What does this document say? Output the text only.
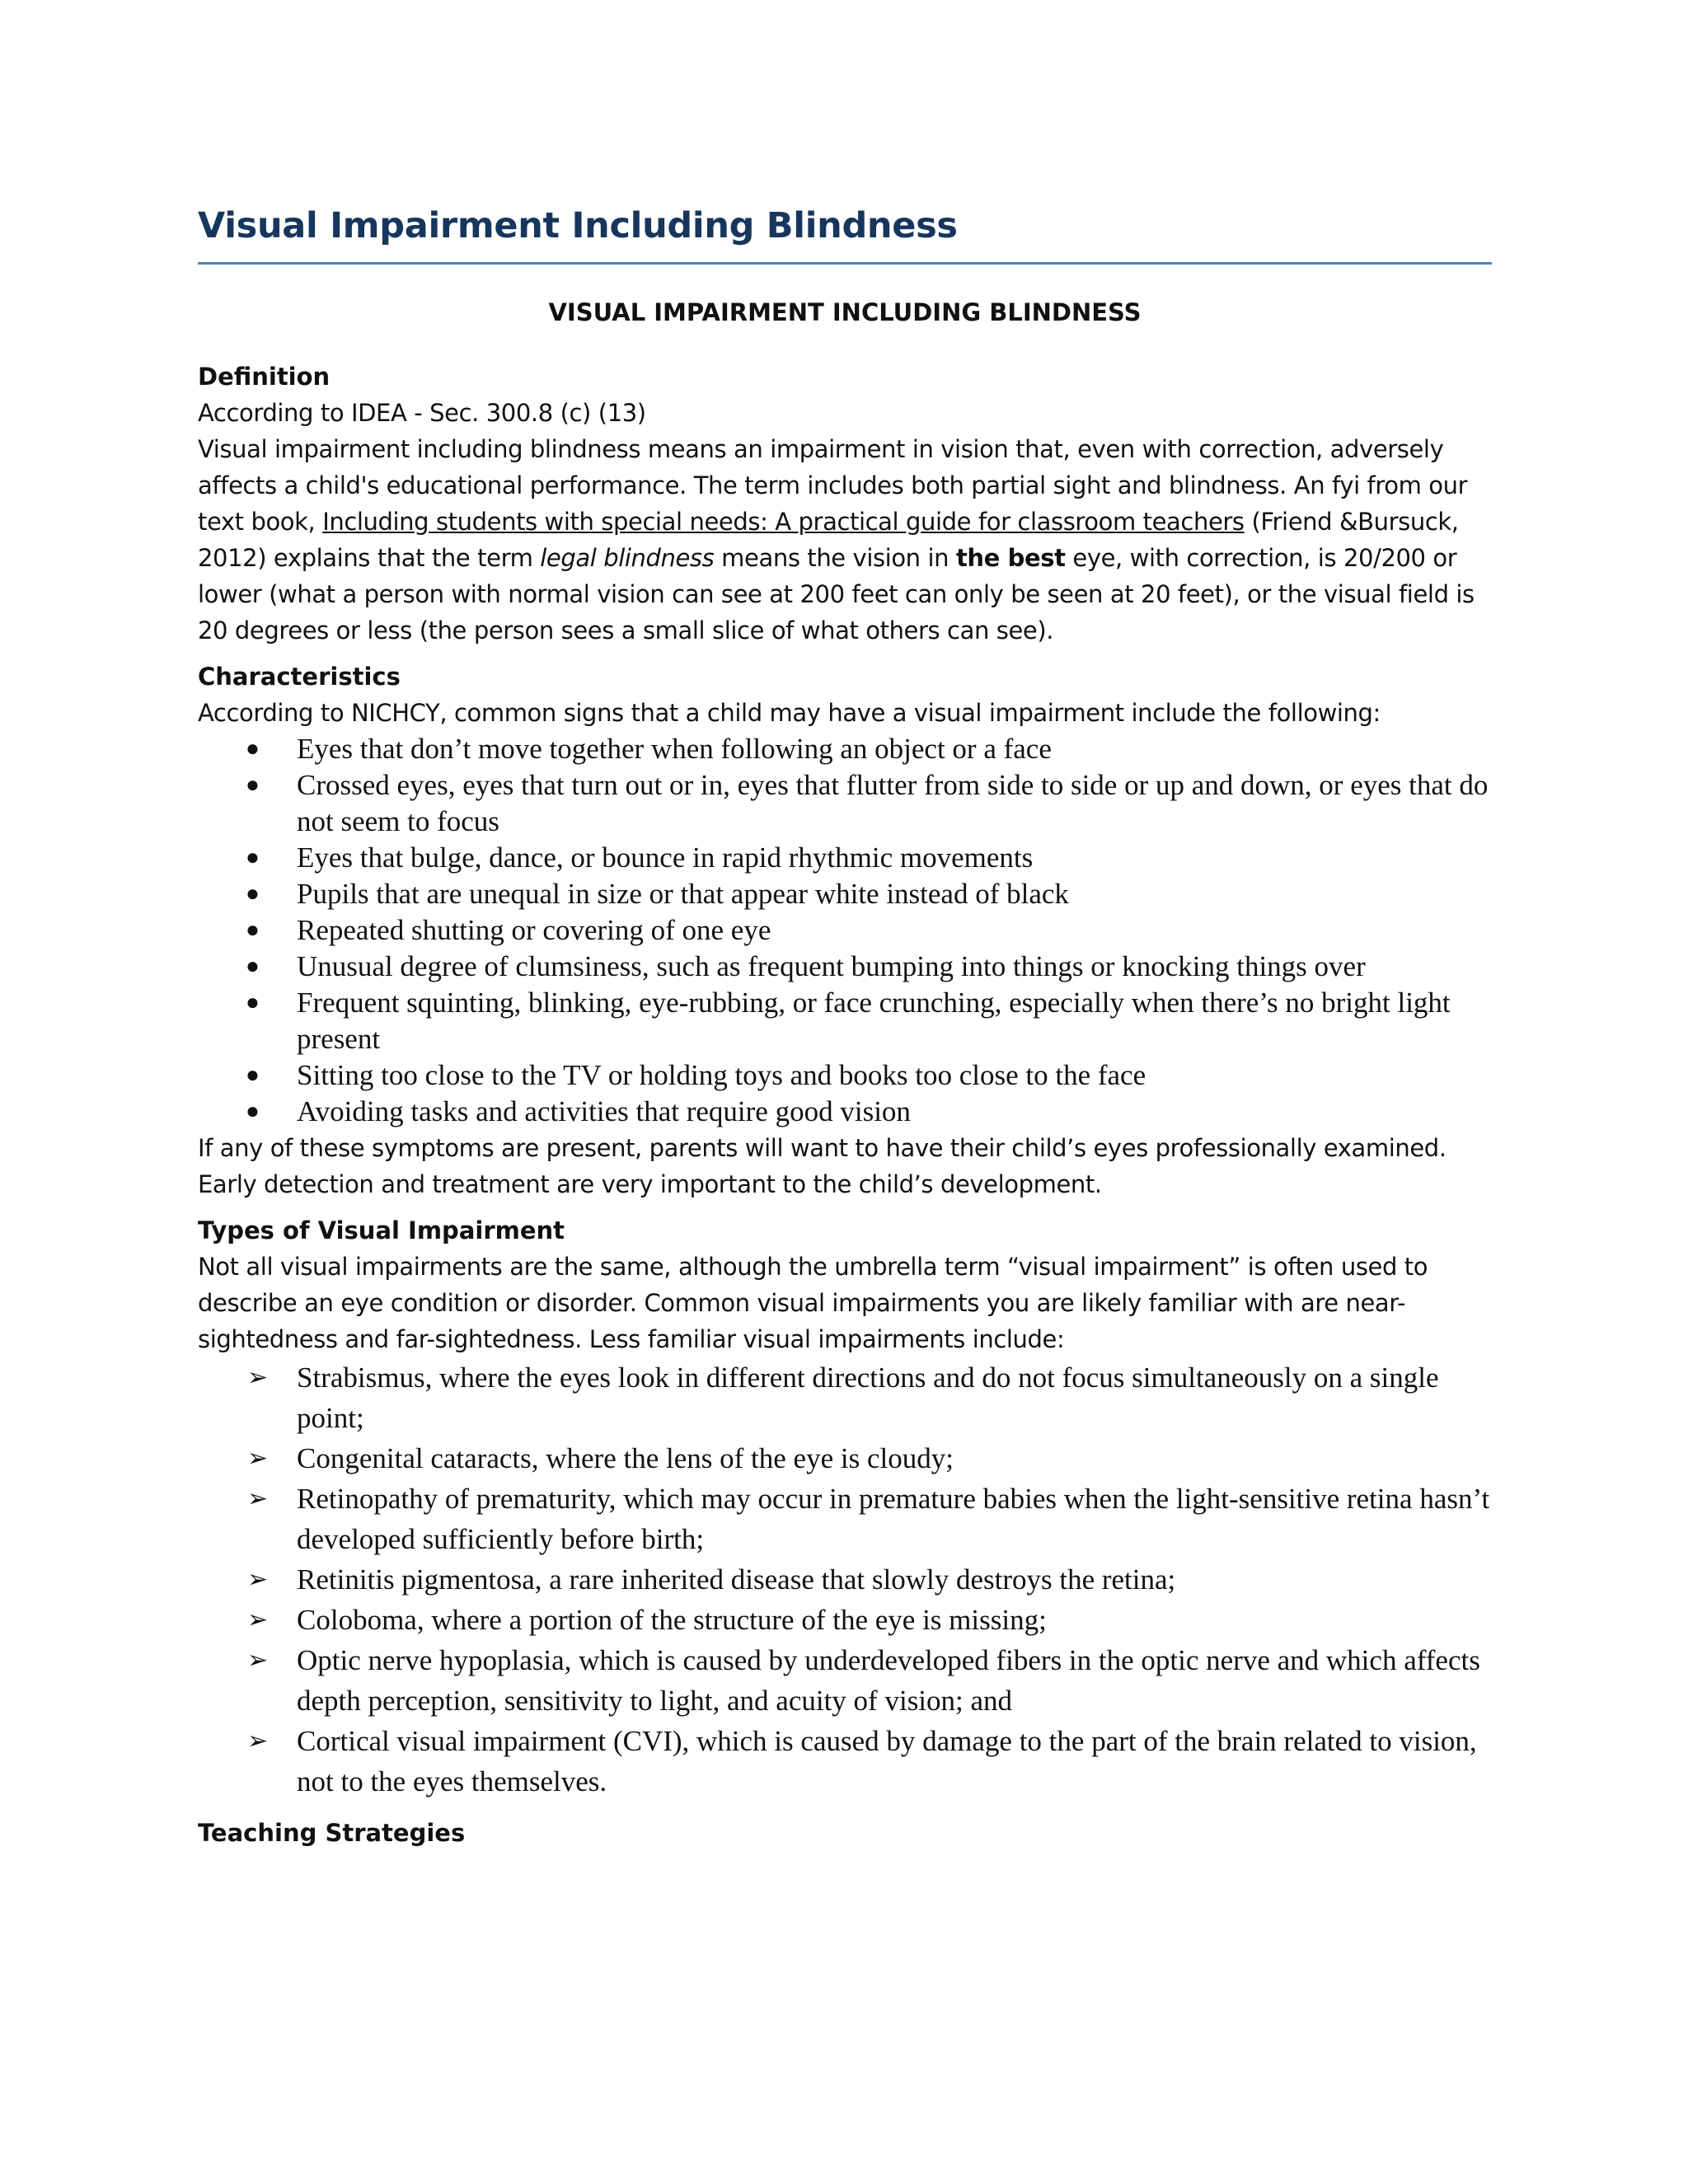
Visual Impairment Including Blindness
VISUAL IMPAIRMENT INCLUDING BLINDNESS
Definition
According to IDEA - Sec. 300.8 (c) (13)
Visual impairment including blindness means an impairment in vision that, even with correction, adversely affects a child's educational performance. The term includes both partial sight and blindness. An fyi from our text book, Including students with special needs: A practical guide for classroom teachers (Friend &Bursuck, 2012) explains that the term legal blindness means the vision in the best eye, with correction, is 20/200 or lower (what a person with normal vision can see at 200 feet can only be seen at 20 feet), or the visual field is 20 degrees or less (the person sees a small slice of what others can see).
Characteristics
According to NICHCY, common signs that a child may have a visual impairment include the following:
● Eyes that don’t move together when following an object or a face
● Crossed eyes, eyes that turn out or in, eyes that flutter from side to side or up and down, or eyes that do not seem to focus
● Eyes that bulge, dance, or bounce in rapid rhythmic movements
● Pupils that are unequal in size or that appear white instead of black
● Repeated shutting or covering of one eye
● Unusual degree of clumsiness, such as frequent bumping into things or knocking things over
● Frequent squinting, blinking, eye-rubbing, or face crunching, especially when there’s no bright light present
● Sitting too close to the TV or holding toys and books too close to the face
● Avoiding tasks and activities that require good vision
If any of these symptoms are present, parents will want to have their child’s eyes professionally examined. Early detection and treatment are very important to the child’s development.
Types of Visual Impairment
Not all visual impairments are the same, although the umbrella term “visual impairment” is often used to describe an eye condition or disorder. Common visual impairments you are likely familiar with are near-sightedness and far-sightedness. Less familiar visual impairments include:
➢ Strabismus, where the eyes look in different directions and do not focus simultaneously on a single point;
➢ Congenital cataracts, where the lens of the eye is cloudy;
➢ Retinopathy of prematurity, which may occur in premature babies when the light-sensitive retina hasn’t developed sufficiently before birth;
➢ Retinitis pigmentosa, a rare inherited disease that slowly destroys the retina;
➢ Coloboma, where a portion of the structure of the eye is missing;
➢ Optic nerve hypoplasia, which is caused by underdeveloped fibers in the optic nerve and which affects depth perception, sensitivity to light, and acuity of vision; and
➢ Cortical visual impairment (CVI), which is caused by damage to the part of the brain related to vision, not to the eyes themselves.
Teaching Strategies
